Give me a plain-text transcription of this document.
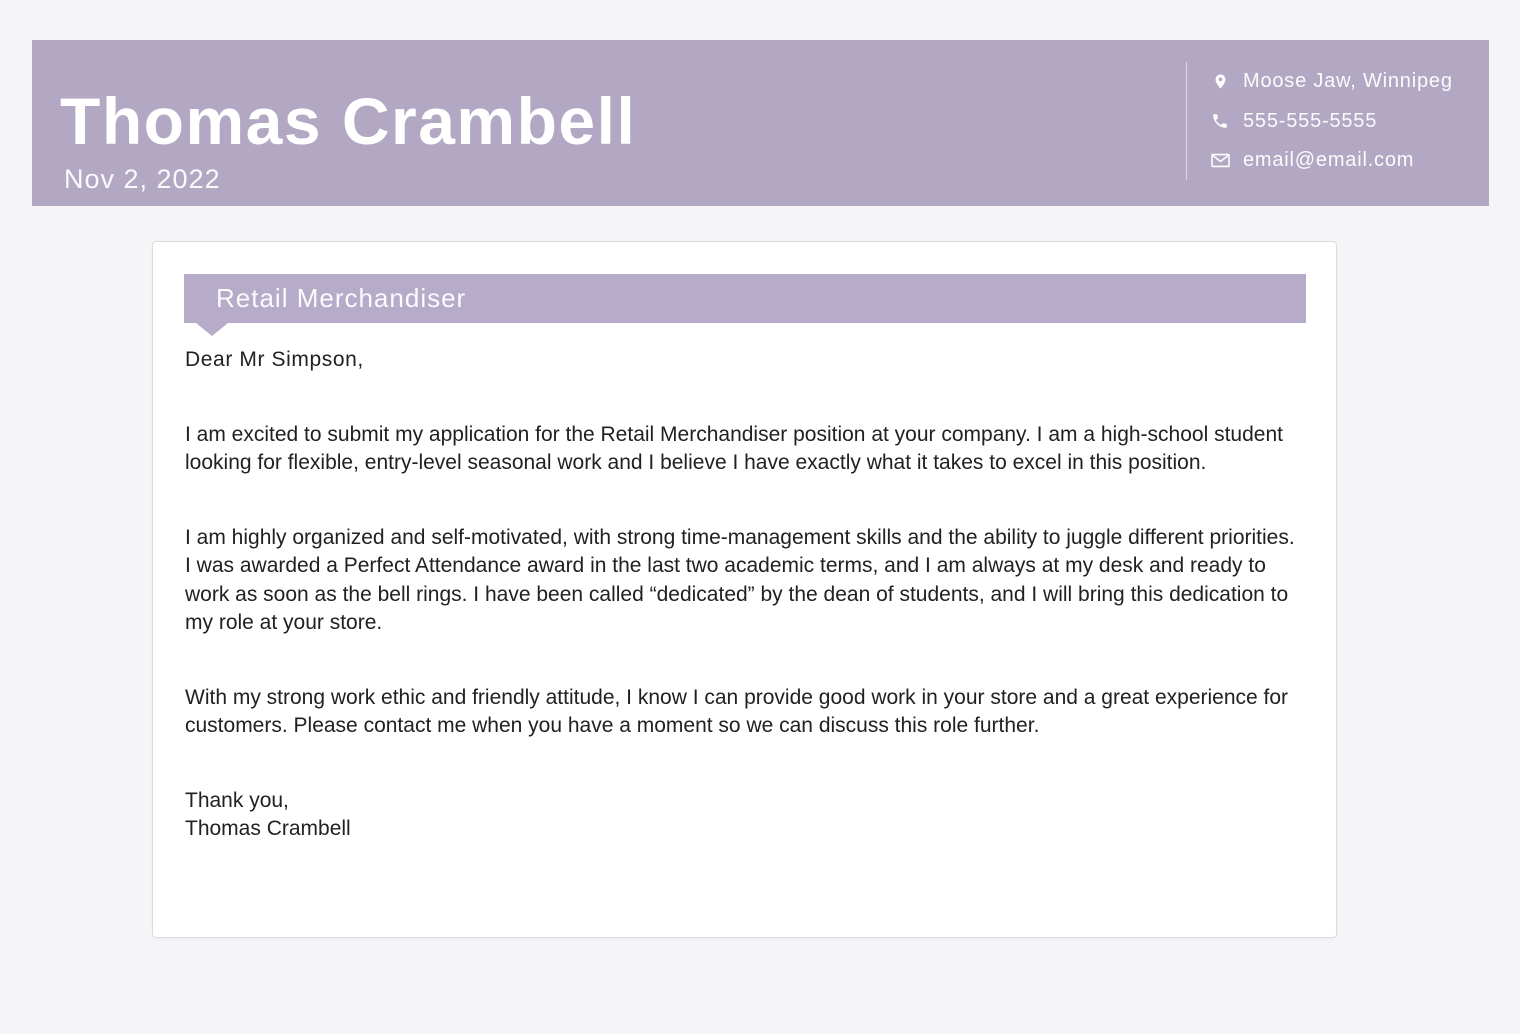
Thomas Crambell
Nov 2, 2022
Moose Jaw, Winnipeg
555-555-5555
email@email.com
Retail Merchandiser

Dear Mr Simpson,

I am excited to submit my application for the Retail Merchandiser position at your company. I am a high-school student looking for flexible, entry-level seasonal work and I believe I have exactly what it takes to excel in this position.

I am highly organized and self-motivated, with strong time-management skills and the ability to juggle different priorities. I was awarded a Perfect Attendance award in the last two academic terms, and I am always at my desk and ready to work as soon as the bell rings. I have been called “dedicated” by the dean of students, and I will bring this dedication to my role at your store.

With my strong work ethic and friendly attitude, I know I can provide good work in your store and a great experience for customers. Please contact me when you have a moment so we can discuss this role further.

Thank you,
Thomas Crambell
